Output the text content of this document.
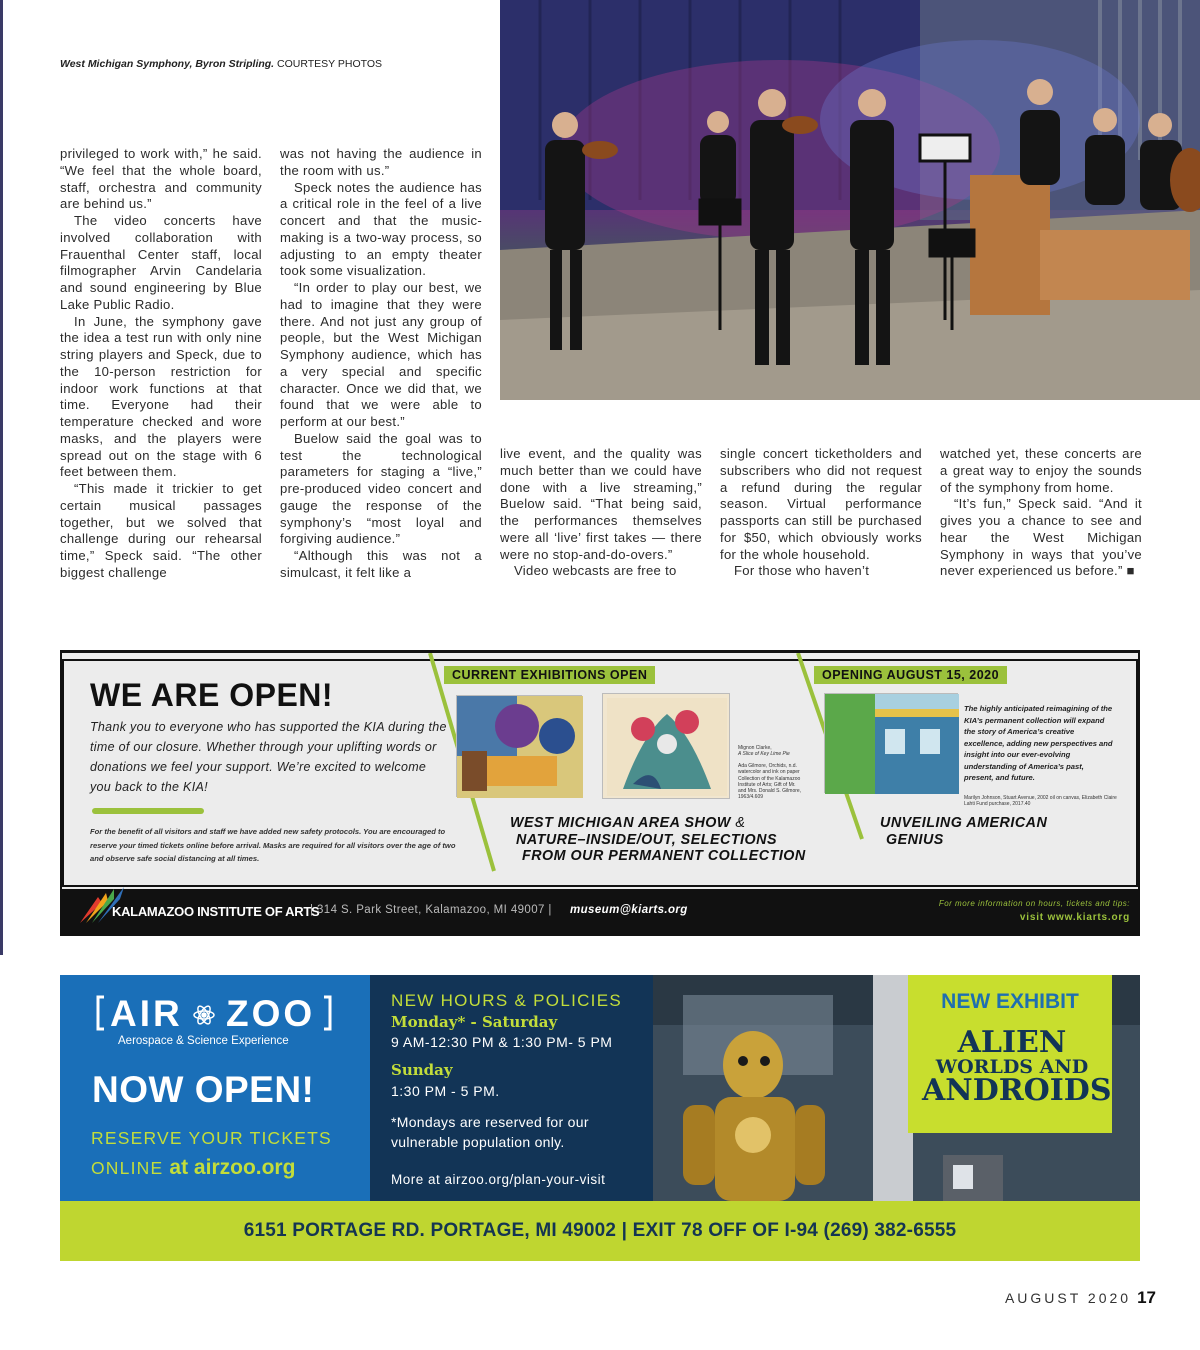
West Michigan Symphony, Byron Stripling. COURTESY PHOTOS

privileged to work with,” he said. “We feel that the whole board, staff, orchestra and community are behind us.”

The video concerts have involved collaboration with Frauenthal Center staff, local filmographer Arvin Candelaria and sound engineering by Blue Lake Public Radio.

In June, the symphony gave the idea a test run with only nine string players and Speck, due to the 10-person restriction for indoor work functions at that time. Everyone had their temperature checked and wore masks, and the players were spread out on the stage with 6 feet between them.

“This made it trickier to get certain musical passages together, but we solved that challenge during our rehearsal time,” Speck said. “The other biggest challenge

was not having the audience in the room with us.”

Speck notes the audience has a critical role in the feel of a live concert and that the music-making is a two-way process, so adjusting to an empty theater took some visualization.

“In order to play our best, we had to imagine that they were there. And not just any group of people, but the West Michigan Symphony audience, which has a very special and specific character. Once we did that, we found that we were able to perform at our best.”

Buelow said the goal was to test the technological parameters for staging a “live,” pre-produced video concert and gauge the response of the symphony’s “most loyal and forgiving audience.”

“Although this was not a simulcast, it felt like a

live event, and the quality was much better than we could have done with a live streaming,” Buelow said. “That being said, the performances themselves were all ‘live’ first takes — there were no stop-and-do-overs.”

Video webcasts are free to

single concert ticketholders and subscribers who did not request a refund during the regular season. Virtual performance passports can still be purchased for $50, which obviously works for the whole household.

For those who haven’t

watched yet, these concerts are a great way to enjoy the sounds of the symphony from home.

“It’s fun,” Speck said. “And it gives you a chance to see and hear the West Michigan Symphony in ways that you’ve never experienced us before.” ■

WE ARE OPEN!
Thank you to everyone who has supported the KIA during the time of our closure. Whether through your uplifting words or donations we feel your support. We’re excited to welcome you back to the KIA!
For the benefit of all visitors and staff we have added new safety protocols. You are encouraged to reserve your timed tickets online before arrival. Masks are required for all visitors over the age of two and observe safe social distancing at all times.
CURRENT EXHIBITIONS OPEN	OPENING AUGUST 15, 2020
Mignon Clarke,
A Slice of Key Lime Pie
Ada Gilmore, Orchids, n.d.
watercolor and ink on paper
Collection of the Kalamazoo
Institute of Arts; Gift of Mr.
and Mrs. Donald S. Gilmore,
1963/4.609
WEST MICHIGAN AREA SHOW &
NATURE–INSIDE/OUT, SELECTIONS
FROM OUR PERMANENT COLLECTION
The highly anticipated reimagining of the KIA’s permanent collection will expand the story of America’s creative excellence, adding new perspectives and insight into our ever-evolving understanding of America’s past, present, and future.
Marilyn Johnson, Stuart Avenue, 2002 oil on canvas, Elizabeth Claire Lahti Fund purchase, 2017.40
UNVEILING AMERICAN
GENIUS
KALAMAZOO INSTITUTE OF ARTS
| 314 S. Park Street, Kalamazoo, MI 49007 | museum@kiarts.org
For more information on hours, tickets and tips:
visit www.kiarts.org
AIR ZOO
Aerospace & Science Experience
NOW OPEN!
RESERVE YOUR TICKETS
ONLINE at airzoo.org
NEW HOURS & POLICIES
Monday* - Saturday
9 AM-12:30 PM & 1:30 PM- 5 PM
Sunday
1:30 PM - 5 PM.
*Mondays are reserved for our vulnerable population only.
More at airzoo.org/plan-your-visit
NEW EXHIBIT
ALIEN
WORLDS AND
ANDROIDS
6151 PORTAGE RD. PORTAGE, MI 49002 | EXIT 78 OFF OF I-94 (269) 382-6555
AUGUST 2020 17
